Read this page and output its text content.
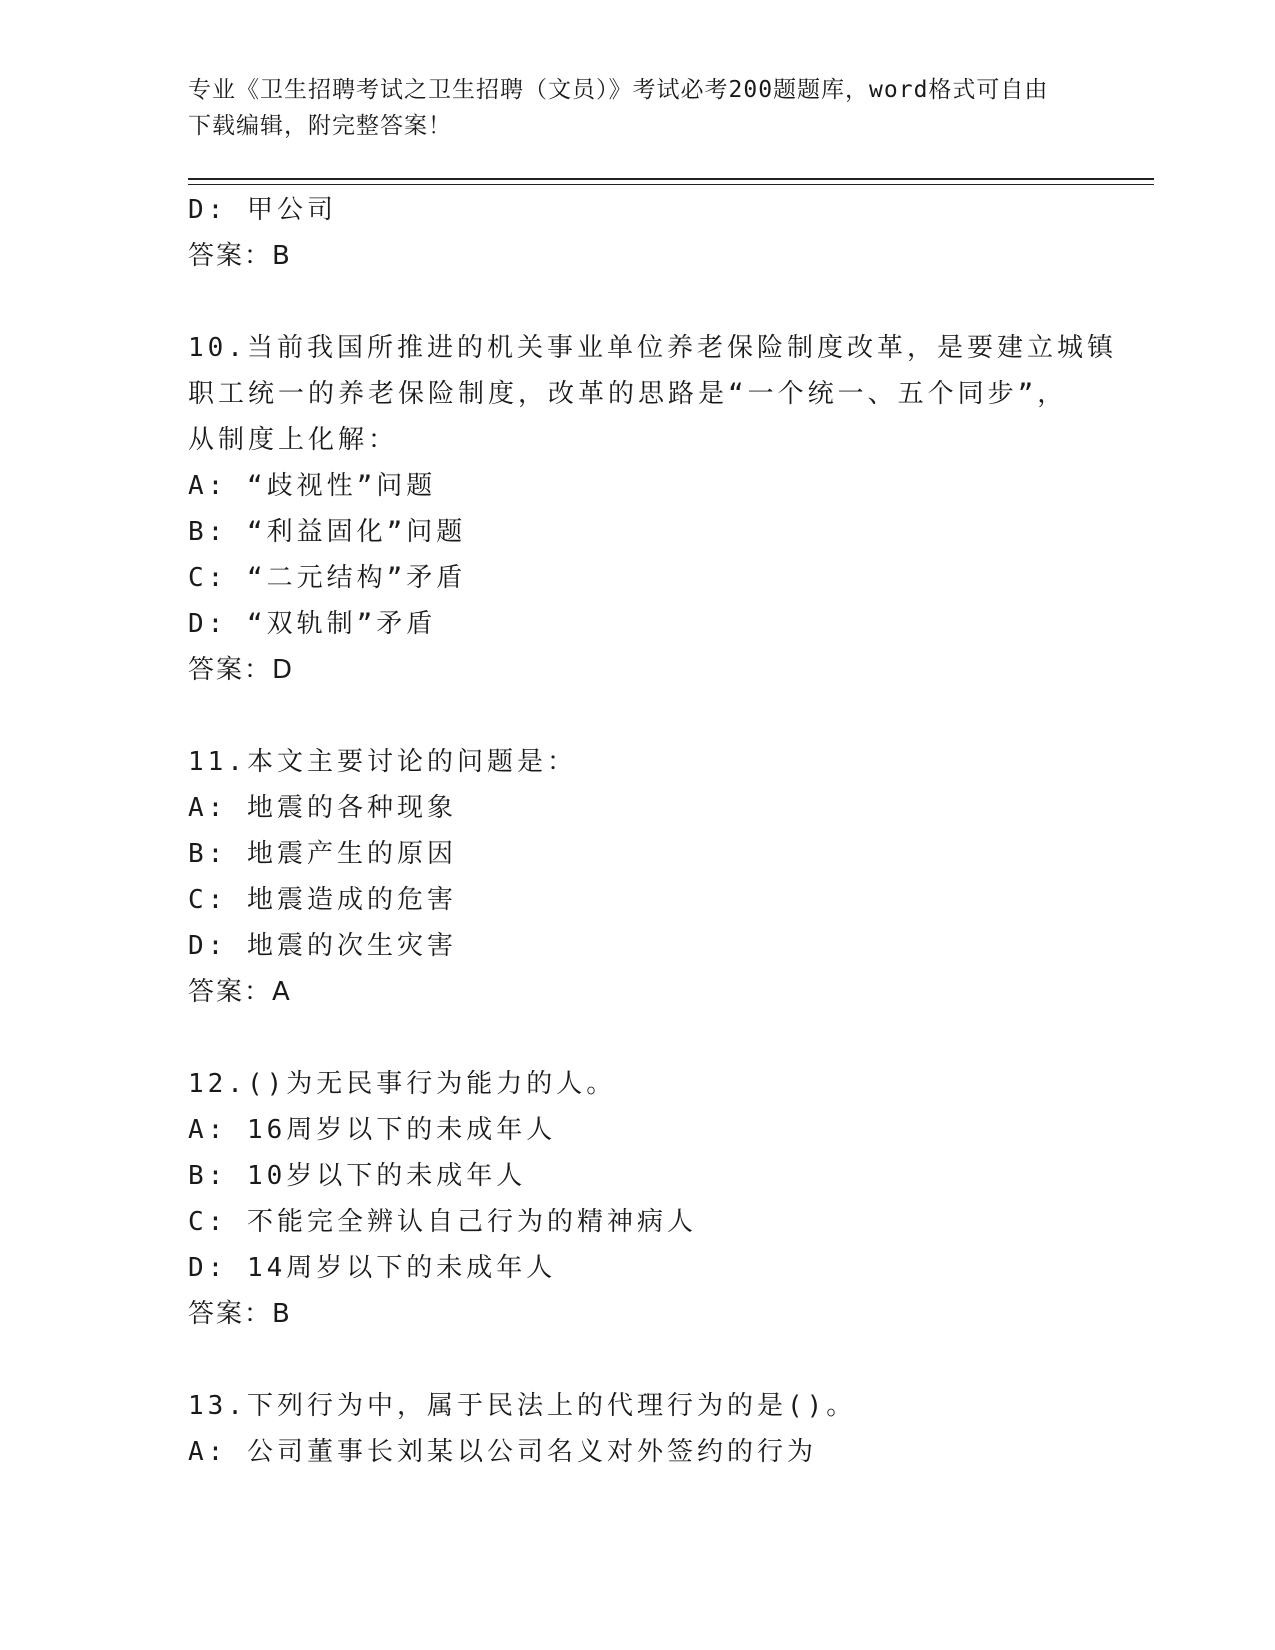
专业《卫生招聘考试之卫生招聘（文员）》考试必考200题题库，word格式可自由下载编辑，附完整答案！
D: 甲公司
答案：B
10.当前我国所推进的机关事业单位养老保险制度改革，是要建立城镇
职工统一的养老保险制度，改革的思路是“一个统一、五个同步”，
从制度上化解：
A: “歧视性”问题
B: “利益固化”问题
C: “二元结构”矛盾
D: “双轨制”矛盾
答案：D
11.本文主要讨论的问题是：
A: 地震的各种现象
B: 地震产生的原因
C: 地震造成的危害
D: 地震的次生灾害
答案：A
12.()为无民事行为能力的人。
A: 16周岁以下的未成年人
B: 10岁以下的未成年人
C: 不能完全辨认自己行为的精神病人
D: 14周岁以下的未成年人
答案：B
13.下列行为中，属于民法上的代理行为的是()。
A: 公司董事长刘某以公司名义对外签约的行为
